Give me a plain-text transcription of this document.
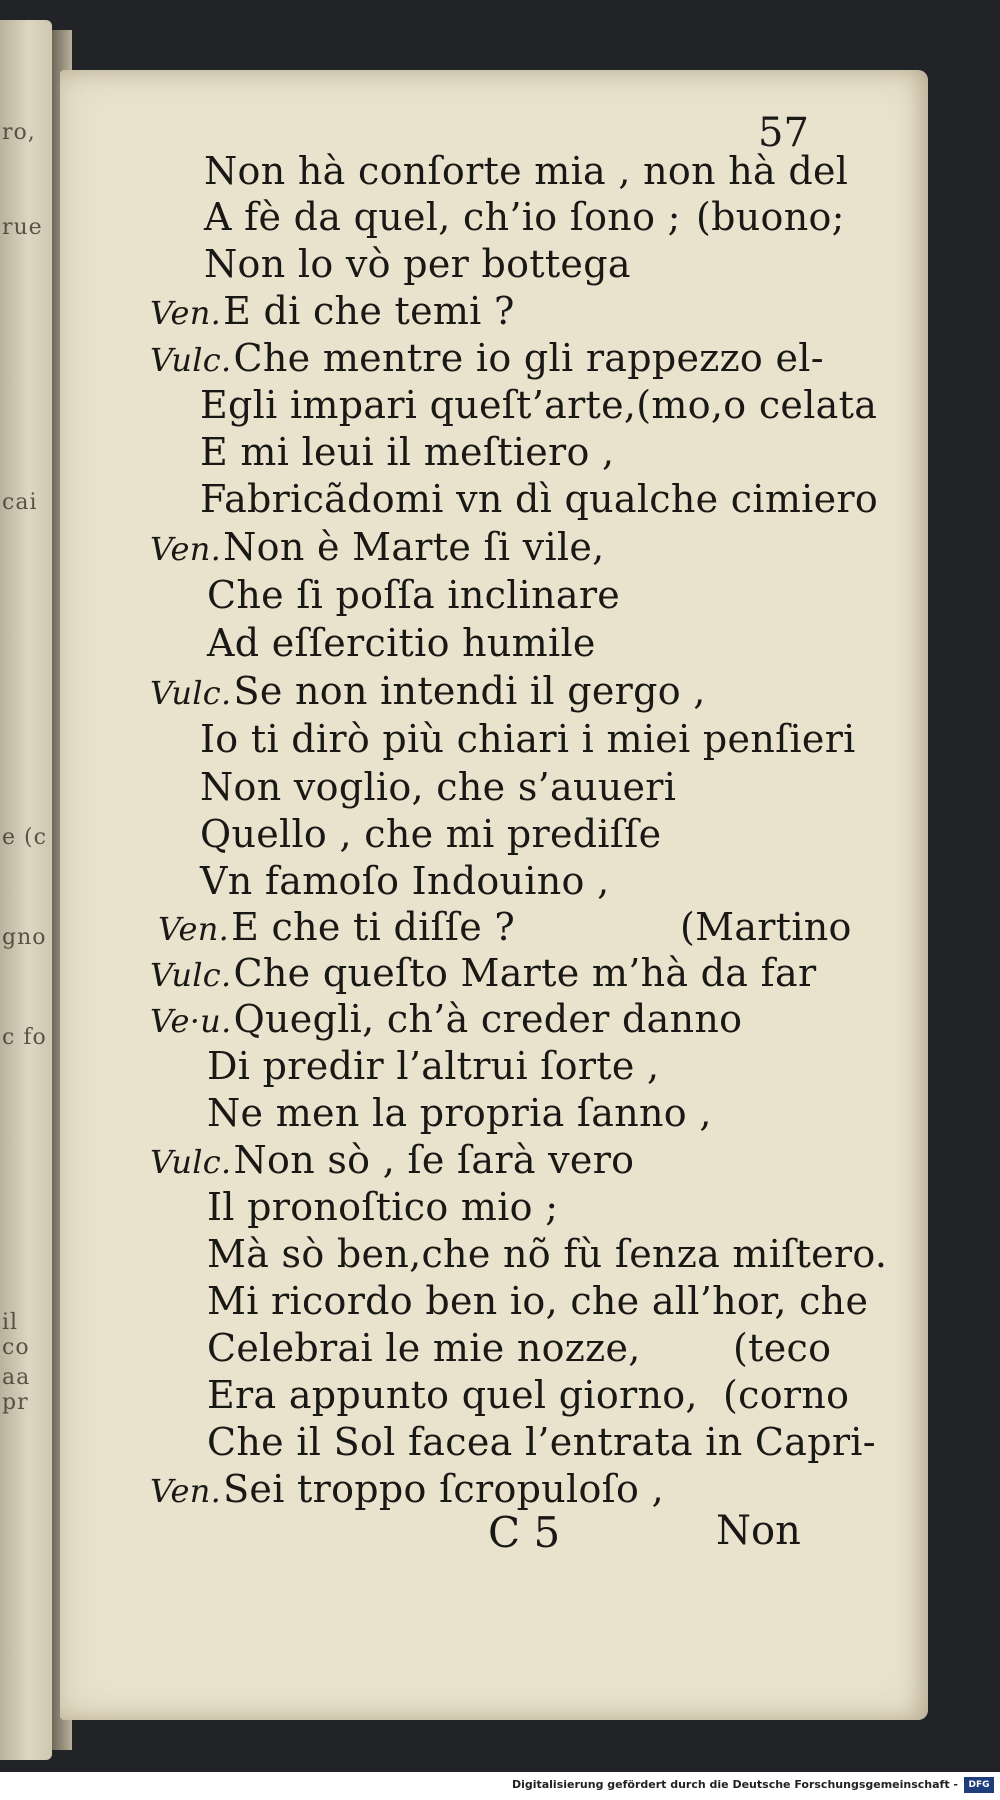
ro,
rue
cai
e (c
gno
c fo
il co
aa pr
57
Non hà conſorte mia , non hà del
A fè da quel, ch’io ſono ; (buono;
Non lo vò per bottega
Ven.E di che temi ?
Vulc.Che mentre io gli rappezzo el-
Egli impari queſt’arte,(mo,o celata
E mi leui il meſtiero ,
Fabricãdomi vn dì qualche cimiero
Ven.Non è Marte ſi vile,
Che ſi poſſa inclinare
Ad eſſercitio humile
Vulc.Se non intendi il gergo ,
Io ti dirò più chiari i miei penſieri
Non voglio, che s’auueri
Quello , che mi prediſſe
Vn famoſo Indouino ,
Ven.E che ti diſſe ?	(Martino
Vulc.Che queſto Marte m’hà da far
Ve·u.Quegli, ch’à creder danno
Di predir l’altrui ſorte ,
Ne men la propria ſanno ,
Vulc.Non sò , ſe ſarà vero
Il pronoſtico mio ;
Mà sò ben,che nõ fù ſenza miſtero.
Mi ricordo ben io, che all’hor, che
Celebrai le mie nozze, (teco
Era appunto quel giorno, (corno
Che il Sol facea l’entrata in Capri-
Ven.Sei troppo ſcropuloſo ,
C 5	Non
Digitalisierung gefördert durch die Deutsche Forschungsgemeinschaft -	DFG
